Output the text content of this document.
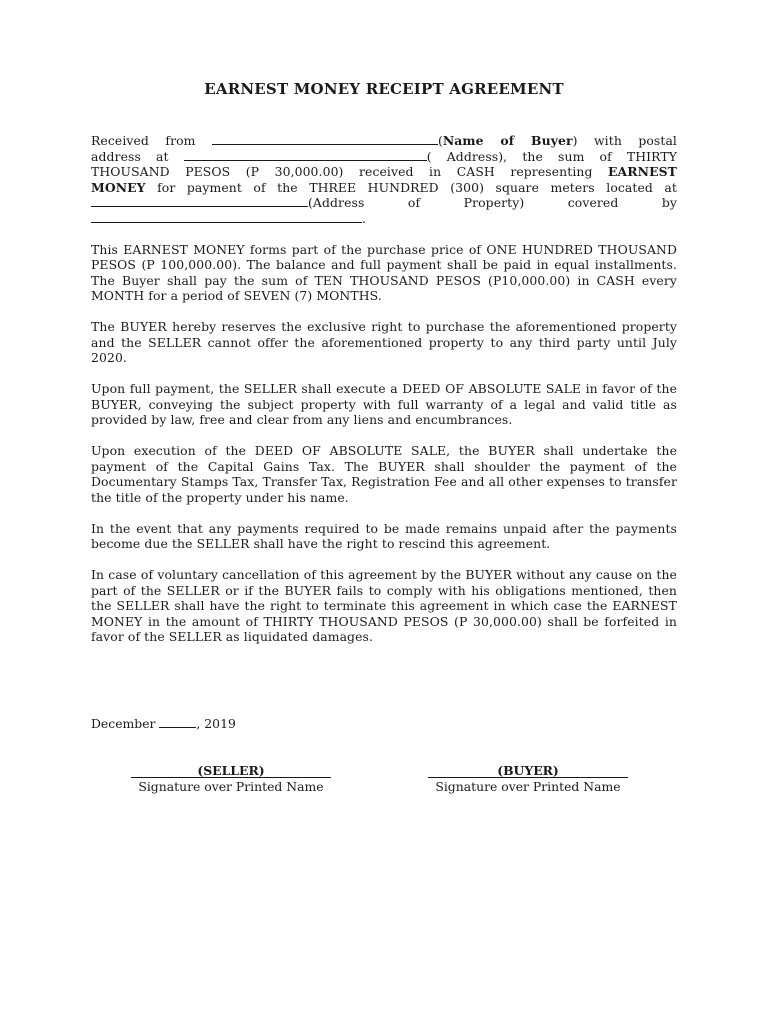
EARNEST MONEY RECEIPT AGREEMENT
Received from	(Name of Buyer) with postal
address at	( Address), the sum of THIRTY
THOUSAND PESOS (P 30,000.00) received in CASH representing EARNEST
MONEY for payment of the THREE HUNDRED (300) square meters located at
(Address of Property) covered by
.

This EARNEST MONEY forms part of the purchase price of ONE HUNDRED THOUSAND PESOS (P 100,000.00). The balance and full payment shall be paid in equal installments. The Buyer shall pay the sum of TEN THOUSAND PESOS (P10,000.00) in CASH every MONTH for a period of SEVEN (7) MONTHS.

The BUYER hereby reserves the exclusive right to purchase the aforementioned property and the SELLER cannot offer the aforementioned property to any third party until July 2020.

Upon full payment, the SELLER shall execute a DEED OF ABSOLUTE SALE in favor of the BUYER, conveying the subject property with full warranty of a legal and valid title as provided by law, free and clear from any liens and encumbrances.

Upon execution of the DEED OF ABSOLUTE SALE, the BUYER shall undertake the payment of the Capital Gains Tax. The BUYER shall shoulder the payment of the Documentary Stamps Tax, Transfer Tax, Registration Fee and all other expenses to transfer the title of the property under his name.

In the event that any payments required to be made remains unpaid after the payments become due the SELLER shall have the right to rescind this agreement.

In case of voluntary cancellation of this agreement by the BUYER without any cause on the part of the SELLER or if the BUYER fails to comply with his obligations mentioned, then the SELLER shall have the right to terminate this agreement in which case the EARNEST MONEY in the amount of THIRTY THOUSAND PESOS (P 30,000.00) shall be forfeited in favor of the SELLER as liquidated damages.

December	, 2019
(SELLER)
Signature over Printed Name
(BUYER)
Signature over Printed Name
